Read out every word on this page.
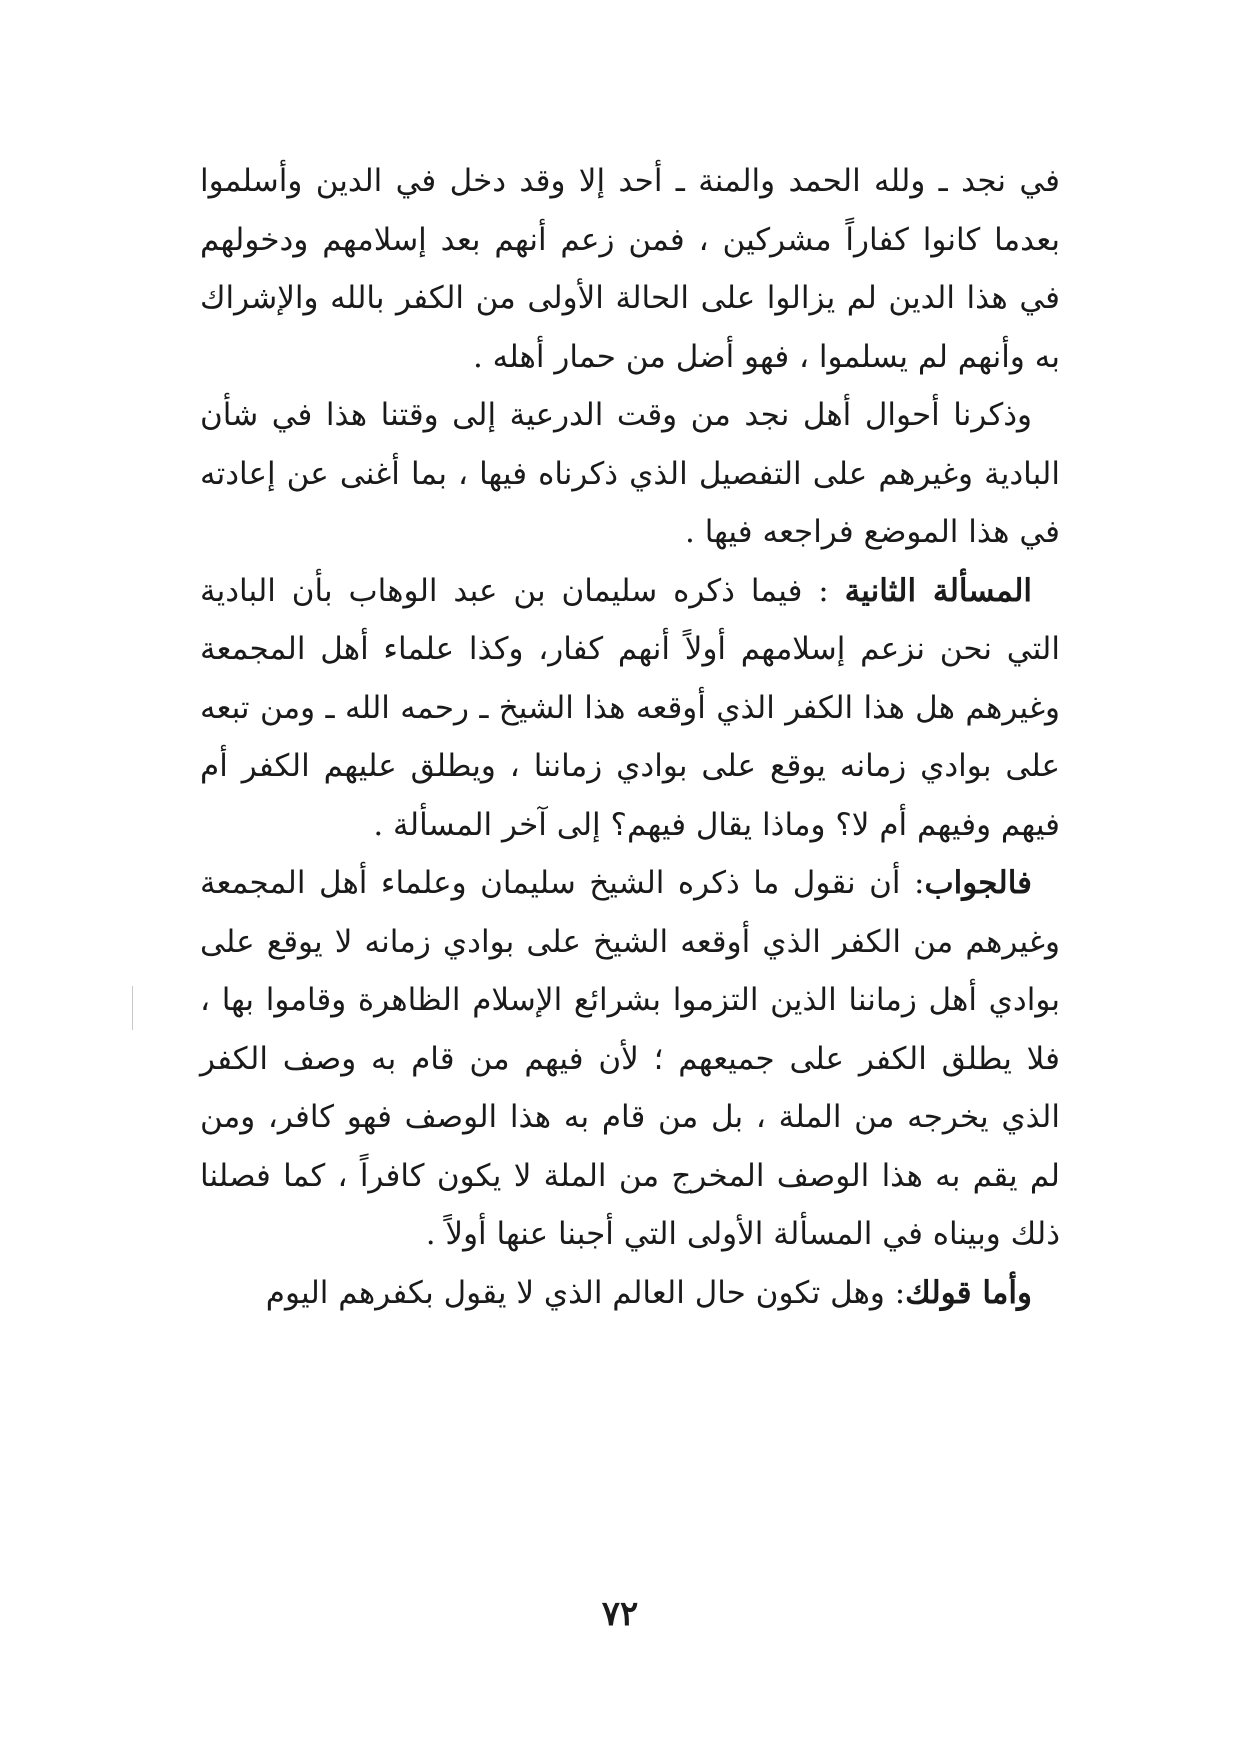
في نجد ـ ولله الحمد والمنة ـ أحد إلا وقد دخل في الدين وأسلموا بعدما كانوا كفاراً مشركين ، فمن زعم أنهم بعد إسلامهم ودخولهم في هذا الدين لم يزالوا على الحالة الأولى من الكفر بالله والإشراك به وأنهم لم يسلموا ، فهو أضل من حمار أهله .

وذكرنا أحوال أهل نجد من وقت الدرعية إلى وقتنا هذا في شأن البادية وغيرهم على التفصيل الذي ذكرناه فيها ، بما أغنى عن إعادته في هذا الموضع فراجعه فيها .

المسألة الثانية : فيما ذكره سليمان بن عبد الوهاب بأن البادية التي نحن نزعم إسلامهم أولاً أنهم كفار، وكذا علماء أهل المجمعة وغيرهم هل هذا الكفر الذي أوقعه هذا الشيخ ـ رحمه الله ـ ومن تبعه على بوادي زمانه يوقع على بوادي زماننا ، ويطلق عليهم الكفر أم فيهم وفيهم أم لا؟ وماذا يقال فيهم؟ إلى آخر المسألة .

فالجواب: أن نقول ما ذكره الشيخ سليمان وعلماء أهل المجمعة وغيرهم من الكفر الذي أوقعه الشيخ على بوادي زمانه لا يوقع على بوادي أهل زماننا الذين التزموا بشرائع الإسلام الظاهرة وقاموا بها ، فلا يطلق الكفر على جميعهم ؛ لأن فيهم من قام به وصف الكفر الذي يخرجه من الملة ، بل من قام به هذا الوصف فهو كافر، ومن لم يقم به هذا الوصف المخرج من الملة لا يكون كافراً ، كما فصلنا ذلك وبيناه في المسألة الأولى التي أجبنا عنها أولاً .

وأما قولك: وهل تكون حال العالم الذي لا يقول بكفرهم اليوم

٧٢
